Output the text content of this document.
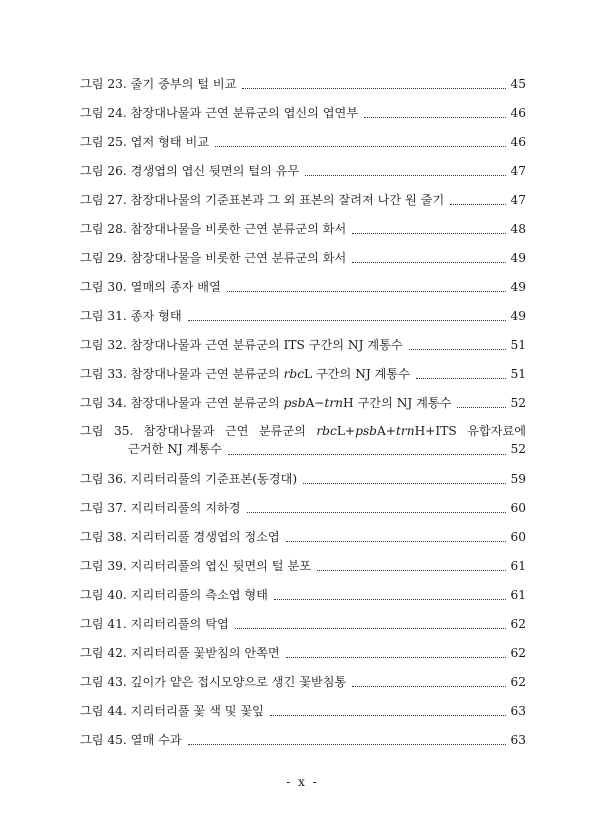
그림 23. 줄기 중부의 털 비교	45
그림 24. 참장대나물과 근연 분류군의 엽신의 엽연부	46
그림 25. 엽저 형태 비교	46
그림 26. 경생엽의 엽신 뒷면의 털의 유무	47
그림 27. 참장대나물의 기준표본과 그 외 표본의 잘려져 나간 원 줄기	47
그림 28. 참장대나물을 비롯한 근연 분류군의 화서	48
그림 29. 참장대나물을 비롯한 근연 분류군의 화서	49
그림 30. 열매의 종자 배열	49
그림 31. 종자 형태	49
그림 32. 참장대나물과 근연 분류군의 ITS 구간의 NJ 계통수	51
그림 33. 참장대나물과 근연 분류군의 rbcL 구간의 NJ 계통수	51
그림 34. 참장대나물과 근연 분류군의 psbA−trnH 구간의 NJ 계통수	52
그림 35. 참장대나물과 근연 분류군의 rbcL+psbA+trnH+ITS 유합자료에
근거한 NJ 계통수	52
그림 36. 지리터리풀의 기준표본(동경대)	59
그림 37. 지리터리풀의 지하경	60
그림 38. 지리터리풀 경생엽의 정소엽	60
그림 39. 지리터리풀의 엽신 뒷면의 털 분포	61
그림 40. 지리터리풀의 측소엽 형태	61
그림 41. 지리터리풀의 탁엽	62
그림 42. 지리터리풀 꽃받침의 안쪽면	62
그림 43. 깊이가 얕은 접시모양으로 생긴 꽃받침통	62
그림 44. 지리터리풀 꽃 색 및 꽃잎	63
그림 45. 열매 수과	63
- x -
